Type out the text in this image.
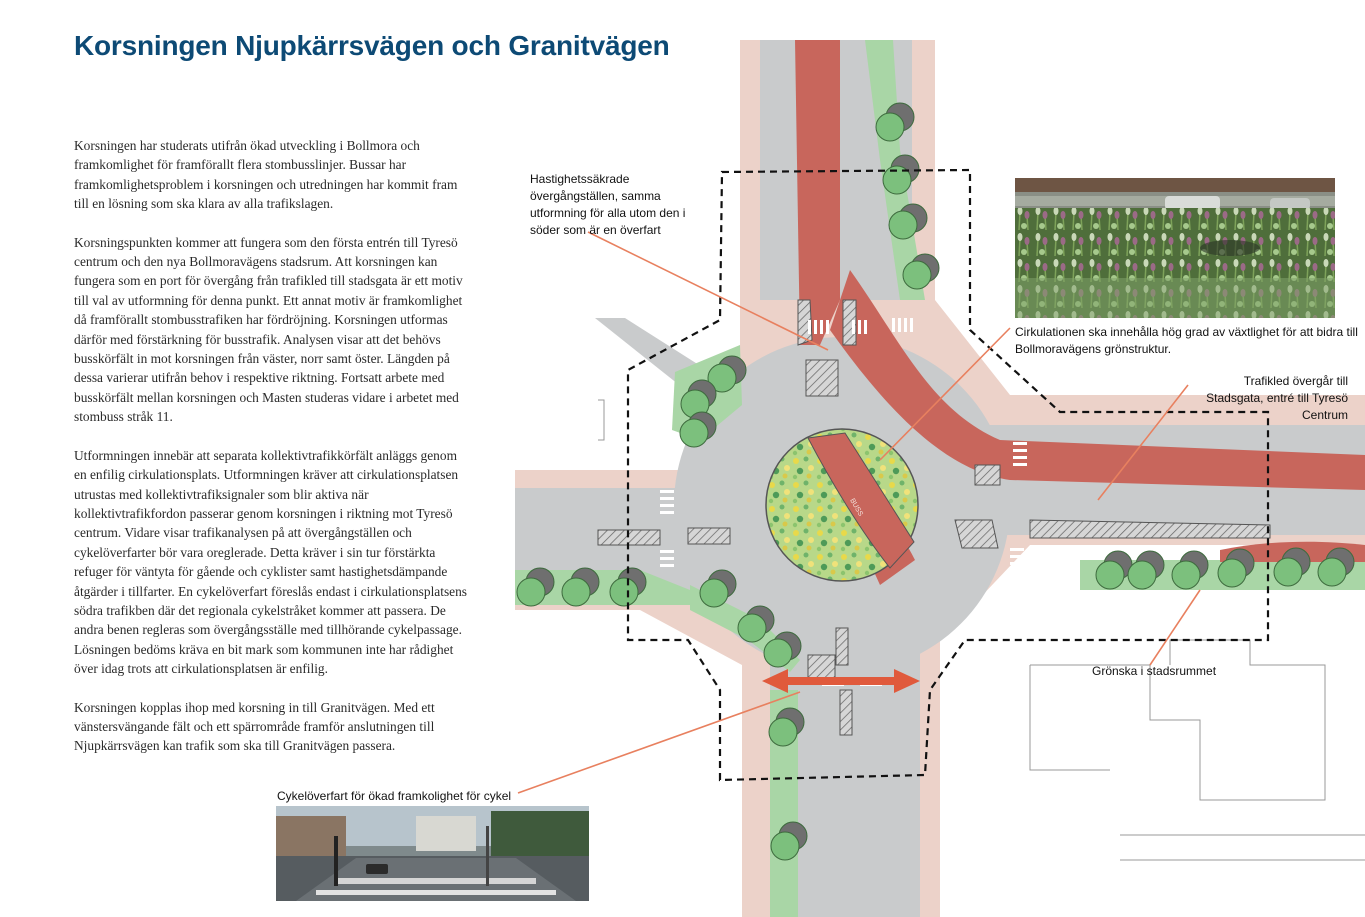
Korsningen Njupkärrsvägen och Granitvägen

Korsningen har studerats utifrån ökad utveckling i Bollmora och framkomlighet för framförallt flera stombusslinjer. Bussar har framkomlighetsproblem i korsningen och utredningen har kommit fram till en lösning som ska klara av alla trafikslagen.

Korsningspunkten kommer att fungera som den första entrén till Tyresö centrum och den nya Bollmoravägens stadsrum. Att korsningen kan fungera som en port för övergång från trafikled till stadsgata är ett motiv till val av utformning för denna punkt. Ett annat motiv är framkomlighet då framförallt stombusstrafiken har fördröjning. Korsningen utformas därför med förstärkning för busstrafik. Analysen visar att det behövs busskörfält in mot korsningen från väster, norr samt öster. Längden på dessa varierar utifrån behov i respektive riktning. Fortsatt arbete med busskörfält mellan korsningen och Masten studeras vidare i arbetet med stombuss stråk 11.

Utformningen innebär att separata kollektivtrafikkörfält anläggs genom en enfilig cirkulationsplats. Utformningen kräver att cirkulationsplatsen utrustas med kollektivtrafiksignaler som blir aktiva när kollektivtrafikfordon passerar genom korsningen i riktning mot Tyresö centrum. Vidare visar trafikanalysen på att övergångställen och cykelöverfarter bör vara oreglerade. Detta kräver i sin tur förstärkta refuger för väntyta för gående och cyklister samt hastighetsdämpande åtgärder i tillfarter. En cykelöverfart föreslås endast i cirkulationsplatsens södra trafikben där det regionala cykelstråket kommer att passera. De andra benen regleras som övergångsställe med tillhörande cykelpassage. Lösningen bedöms kräva en bit mark som kommunen inte har rådighet över idag trots att cirkulationsplatsen är enfilig.

Korsningen kopplas ihop med korsning in till Granitvägen. Med ett vänstersvängande fält och ett spärrområde framför anslutningen till Njupkärrsvägen kan trafik som ska till Granitvägen passera.

BUSS
Hastighetssäkrade övergångställen, samma utformning för alla utom den i söder som är en överfart
Cirkulationen ska innehålla hög grad av växtlighet för att bidra till Bollmoravägens grönstruktur.
Trafikled övergår till Stadsgata, entré till Tyresö Centrum
Grönska i stadsrummet
Cykelöverfart för ökad framkolighet för cykel
